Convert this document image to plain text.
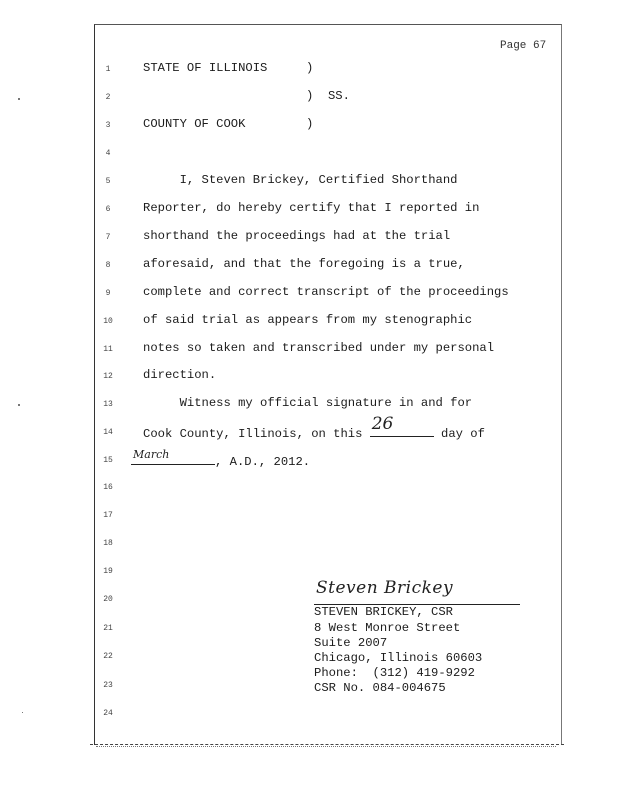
Page 67
1
2
3
4
5
6
7
8
9
10
11
12
13
14
15
16
17
18
19
20
21
22
23
24
STATE OF ILLINOIS	)
)  SS.
COUNTY OF COOK	)
I, Steven Brickey, Certified Shorthand
Reporter, do hereby certify that I reported in
shorthand the proceedings had at the trial
aforesaid, and that the foregoing is a true,
complete and correct transcript of the proceedings
of said trial as appears from my stenographic
notes so taken and transcribed under my personal
direction.
Witness my official signature in and for
Cook County, Illinois, on this 26	day of
March
, A.D., 2012.
Steven Brickey
STEVEN BRICKEY, CSR
8 West Monroe Street
Suite 2007
Chicago, Illinois 60603
Phone:  (312) 419-9292
CSR No. 084-004675
